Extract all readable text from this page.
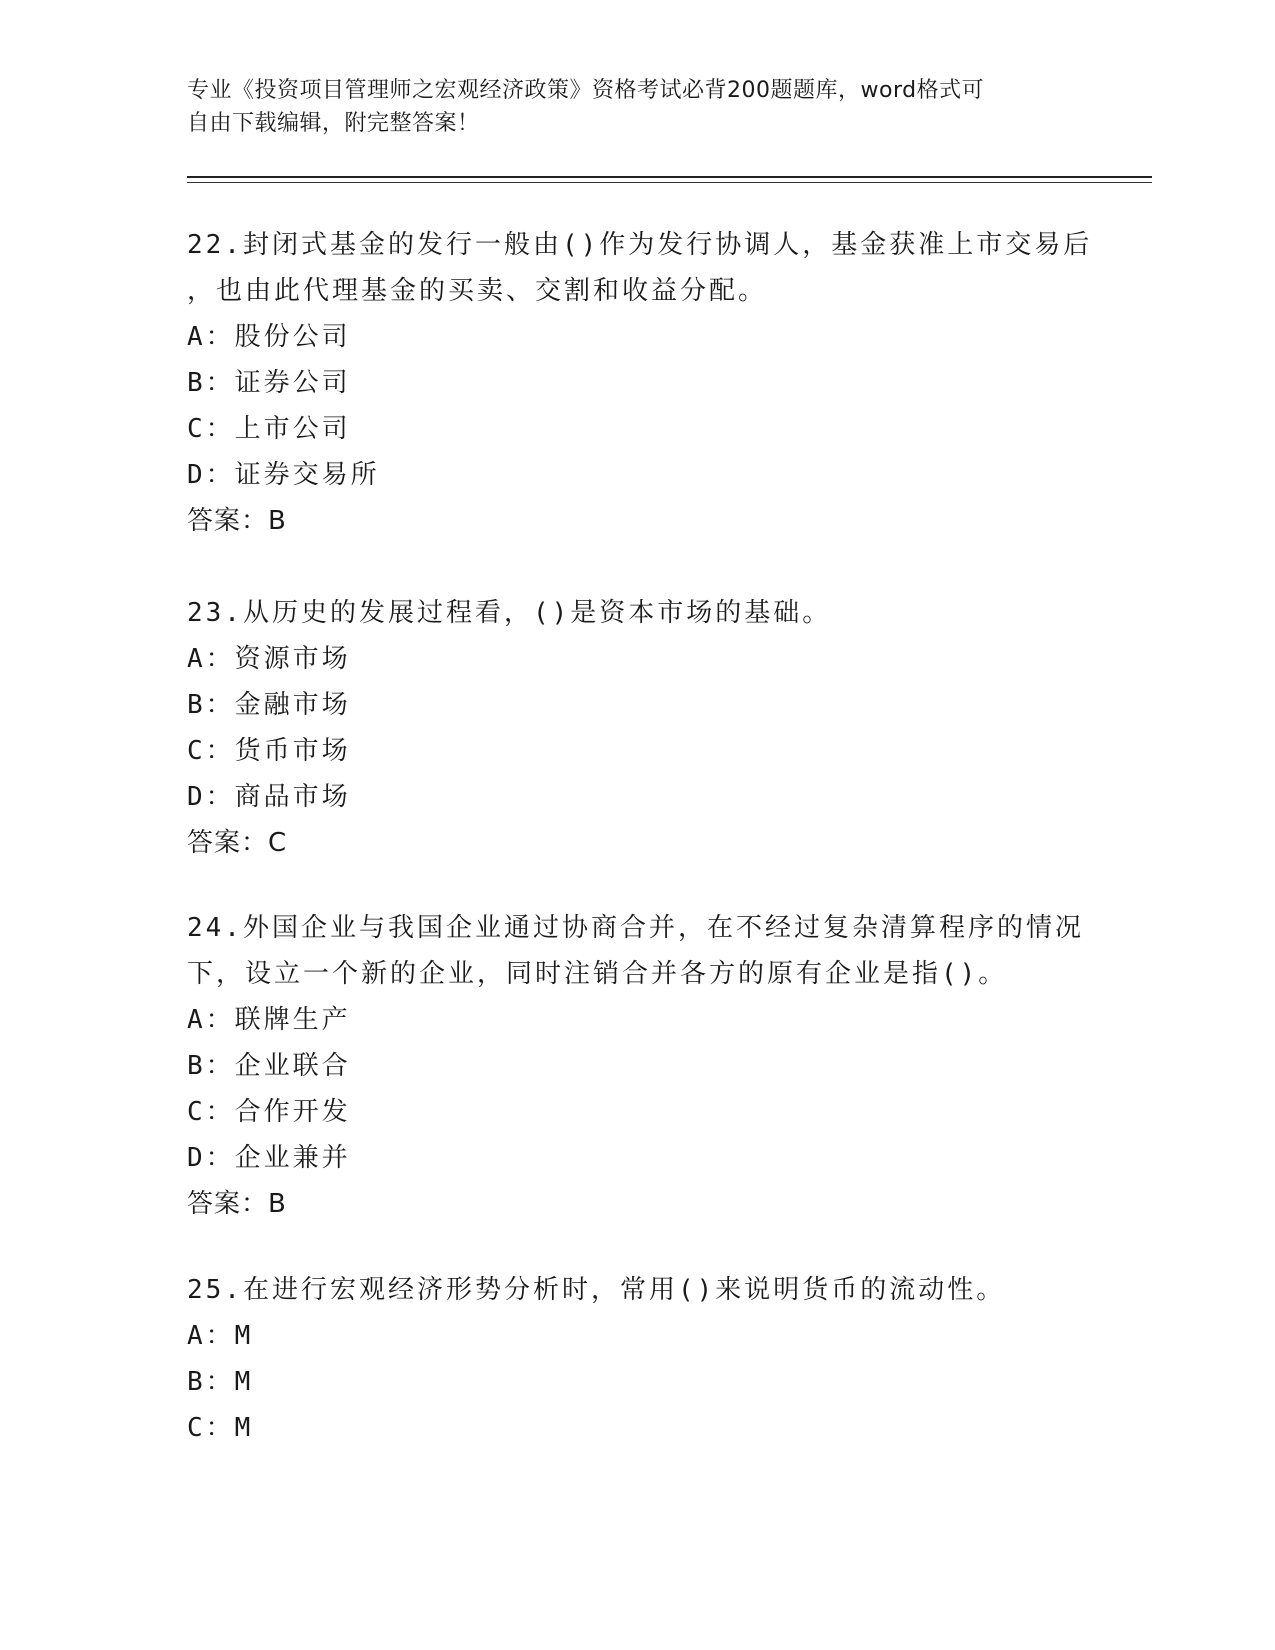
专业《投资项目管理师之宏观经济政策》资格考试必背200题题库，word格式可
自由下载编辑，附完整答案！
22.封闭式基金的发行一般由()作为发行协调人，基金获准上市交易后
，也由此代理基金的买卖、交割和收益分配。
A：股份公司
B：证券公司
C：上市公司
D：证券交易所
答案：B
23.从历史的发展过程看，()是资本市场的基础。
A：资源市场
B：金融市场
C：货币市场
D：商品市场
答案：C
24.外国企业与我国企业通过协商合并，在不经过复杂清算程序的情况
下，设立一个新的企业，同时注销合并各方的原有企业是指()。
A：联牌生产
B：企业联合
C：合作开发
D：企业兼并
答案：B
25.在进行宏观经济形势分析时，常用()来说明货币的流动性。
A：M
B：M
C：M
